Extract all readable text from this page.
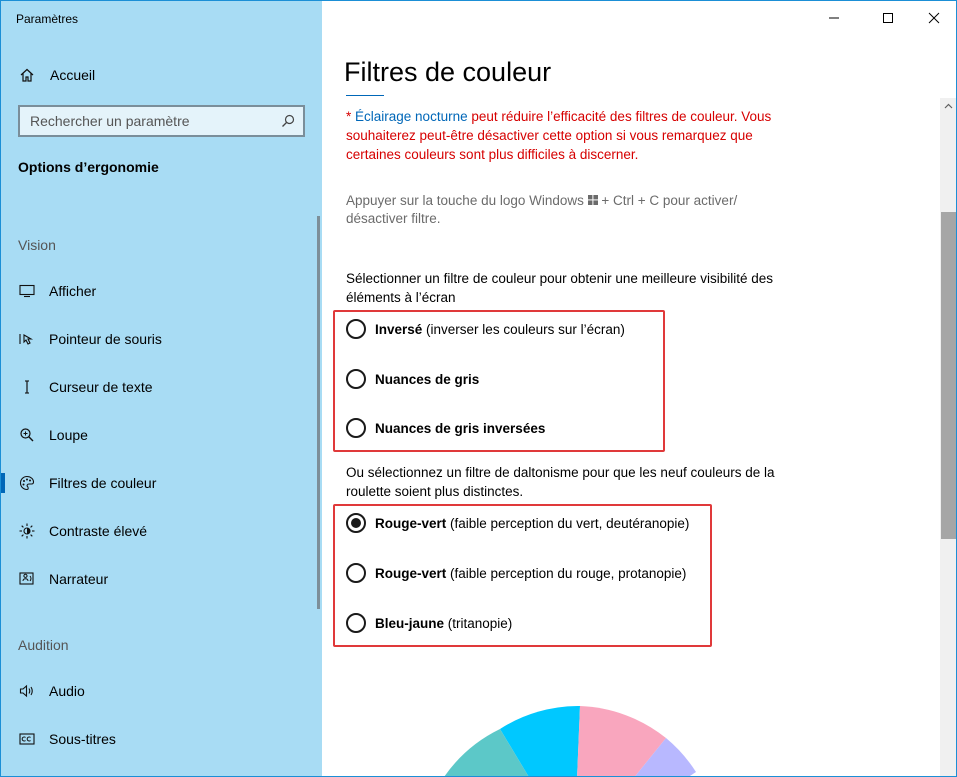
Paramètres
Accueil
Rechercher un paramètre
Options d’ergonomie
Vision
Afficher
Pointeur de souris
Curseur de texte
Loupe
Filtres de couleur
Contraste élevé
Narrateur
Audition
Audio
Sous-titres
Filtres de couleur
* Éclairage nocturne peut réduire l’efficacité des filtres de couleur. Vous souhaiterez peut-être désactiver cette option si vous remarquez que certaines couleurs sont plus difficiles à discerner.
Appuyer sur la touche du logo Windows  + Ctrl + C pour activer/ désactiver filtre.
Sélectionner un filtre de couleur pour obtenir une meilleure visibilité des éléments à l’écran
Inversé (inverser les couleurs sur l’écran)
Nuances de gris
Nuances de gris inversées
Ou sélectionnez un filtre de daltonisme pour que les neuf couleurs de la roulette soient plus distinctes.
Rouge-vert (faible perception du vert, deutéranopie)
Rouge-vert (faible perception du rouge, protanopie)
Bleu-jaune (tritanopie)
